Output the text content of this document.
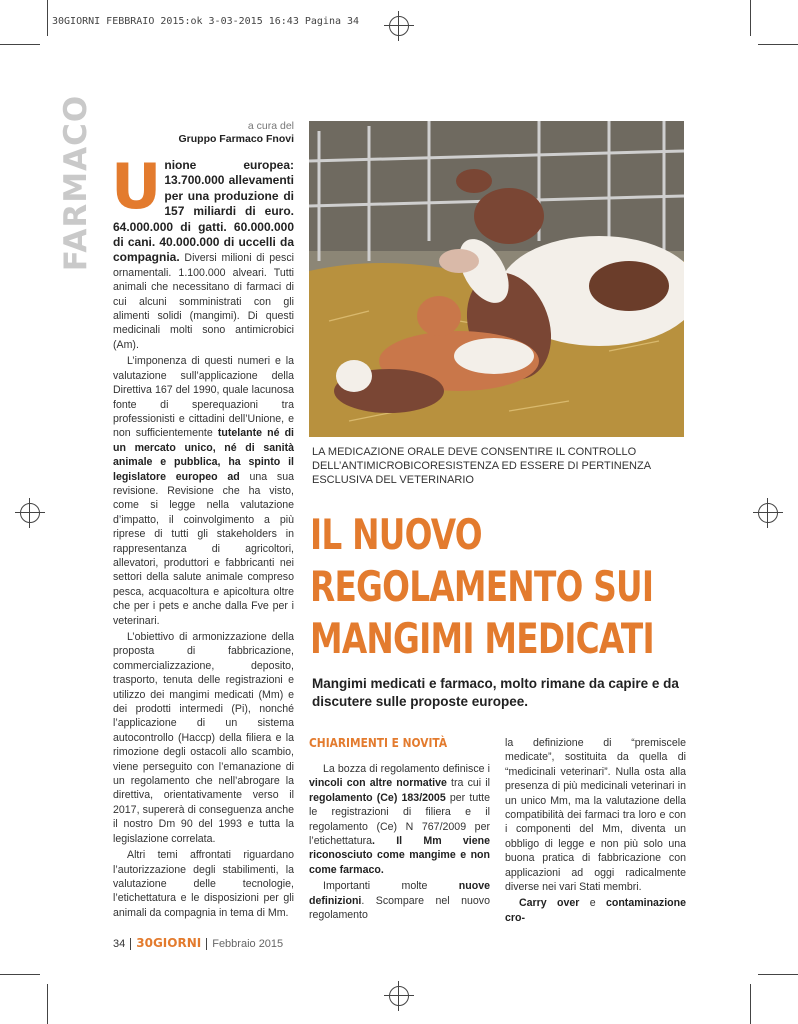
30GIORNI FEBBRAIO 2015:ok 3-03-2015 16:43 Pagina 34
FARMACO	a cura del
Gruppo Farmaco Fnovi
U nione europea: 13.700.000 allevamenti per una produzione di 157 miliardi di euro. 64.000.000 di gatti. 60.000.000 di cani. 40.000.000 di uccelli da compagnia. Diversi milioni di pesci ornamentali. 1.100.000 alveari. Tutti animali che necessitano di farmaci di cui alcuni somministrati con gli alimenti solidi (mangimi). Di questi medicinali molti sono antimicrobici (Am).

L’imponenza di questi numeri e la valutazione sull’applicazione della Direttiva 167 del 1990, quale lacunosa fonte di sperequazioni tra professionisti e cittadini dell’Unione, e non sufficientemente tutelante né di un mercato unico, né di sanità animale e pubblica, ha spinto il legislatore europeo ad una sua revisione. Revisione che ha visto, come si legge nella valutazione d’impatto, il coinvolgimento a più riprese di tutti gli stakeholders in rappresentanza di agricoltori, allevatori, produttori e fabbricanti nei settori della salute animale compreso pesca, acquacoltura e apicoltura oltre che per i pets e anche dalla Fve per i veterinari.

L’obiettivo di armonizzazione della proposta di fabbricazione, commercializzazione, deposito, trasporto, tenuta delle registrazioni e utilizzo dei mangimi medicati (Mm) e dei prodotti intermedi (Pi), nonché l’applicazione di un sistema autocontrollo (Haccp) della filiera e la rimozione degli ostacoli allo scambio, viene perseguito con l’emanazione di un regolamento che nell’abrogare la direttiva, orientativamente verso il 2017, supererà di conseguenza anche il nostro Dm 90 del 1993 e tutta la legislazione correlata.

Altri temi affrontati riguardano l’autorizzazione degli stabilimenti, la valutazione delle tecnologie, l’etichettatura e le disposizioni per gli animali da compagnia in tema di Mm.

LA MEDICAZIONE ORALE DEVE CONSENTIRE IL CONTROLLO DELL’ANTIMICROBICORESISTENZA ED ESSERE DI PERTINENZA ESCLUSIVA DEL VETERINARIO
IL NUOVO
REGOLAMENTO SUI
MANGIMI MEDICATI
Mangimi medicati e farmaco, molto rimane da capire e da discutere sulle proposte europee.
CHIARIMENTI E NOVITÀ

La bozza di regolamento definisce i vincoli con altre normative tra cui il regolamento (Ce) 183/2005 per tutte le registrazioni di filiera e il regolamento (Ce) N 767/2009 per l’etichettatura. Il Mm viene riconosciuto come mangime e non come farmaco.

Importanti molte nuove definizioni. Scompare nel nuovo regolamento

la definizione di “premiscele medicate”, sostituita da quella di “medicinali veterinari”. Nulla osta alla presenza di più medicinali veterinari in un unico Mm, ma la valutazione della compatibilità dei farmaci tra loro e con i componenti del Mm, diventa un obbligo di legge e non più solo una buona pratica di fabbricazione con applicazioni ad oggi radicalmente diverse nei vari Stati membri.

Carry over e contaminazione cro-

34 30GIORNI Febbraio 2015
